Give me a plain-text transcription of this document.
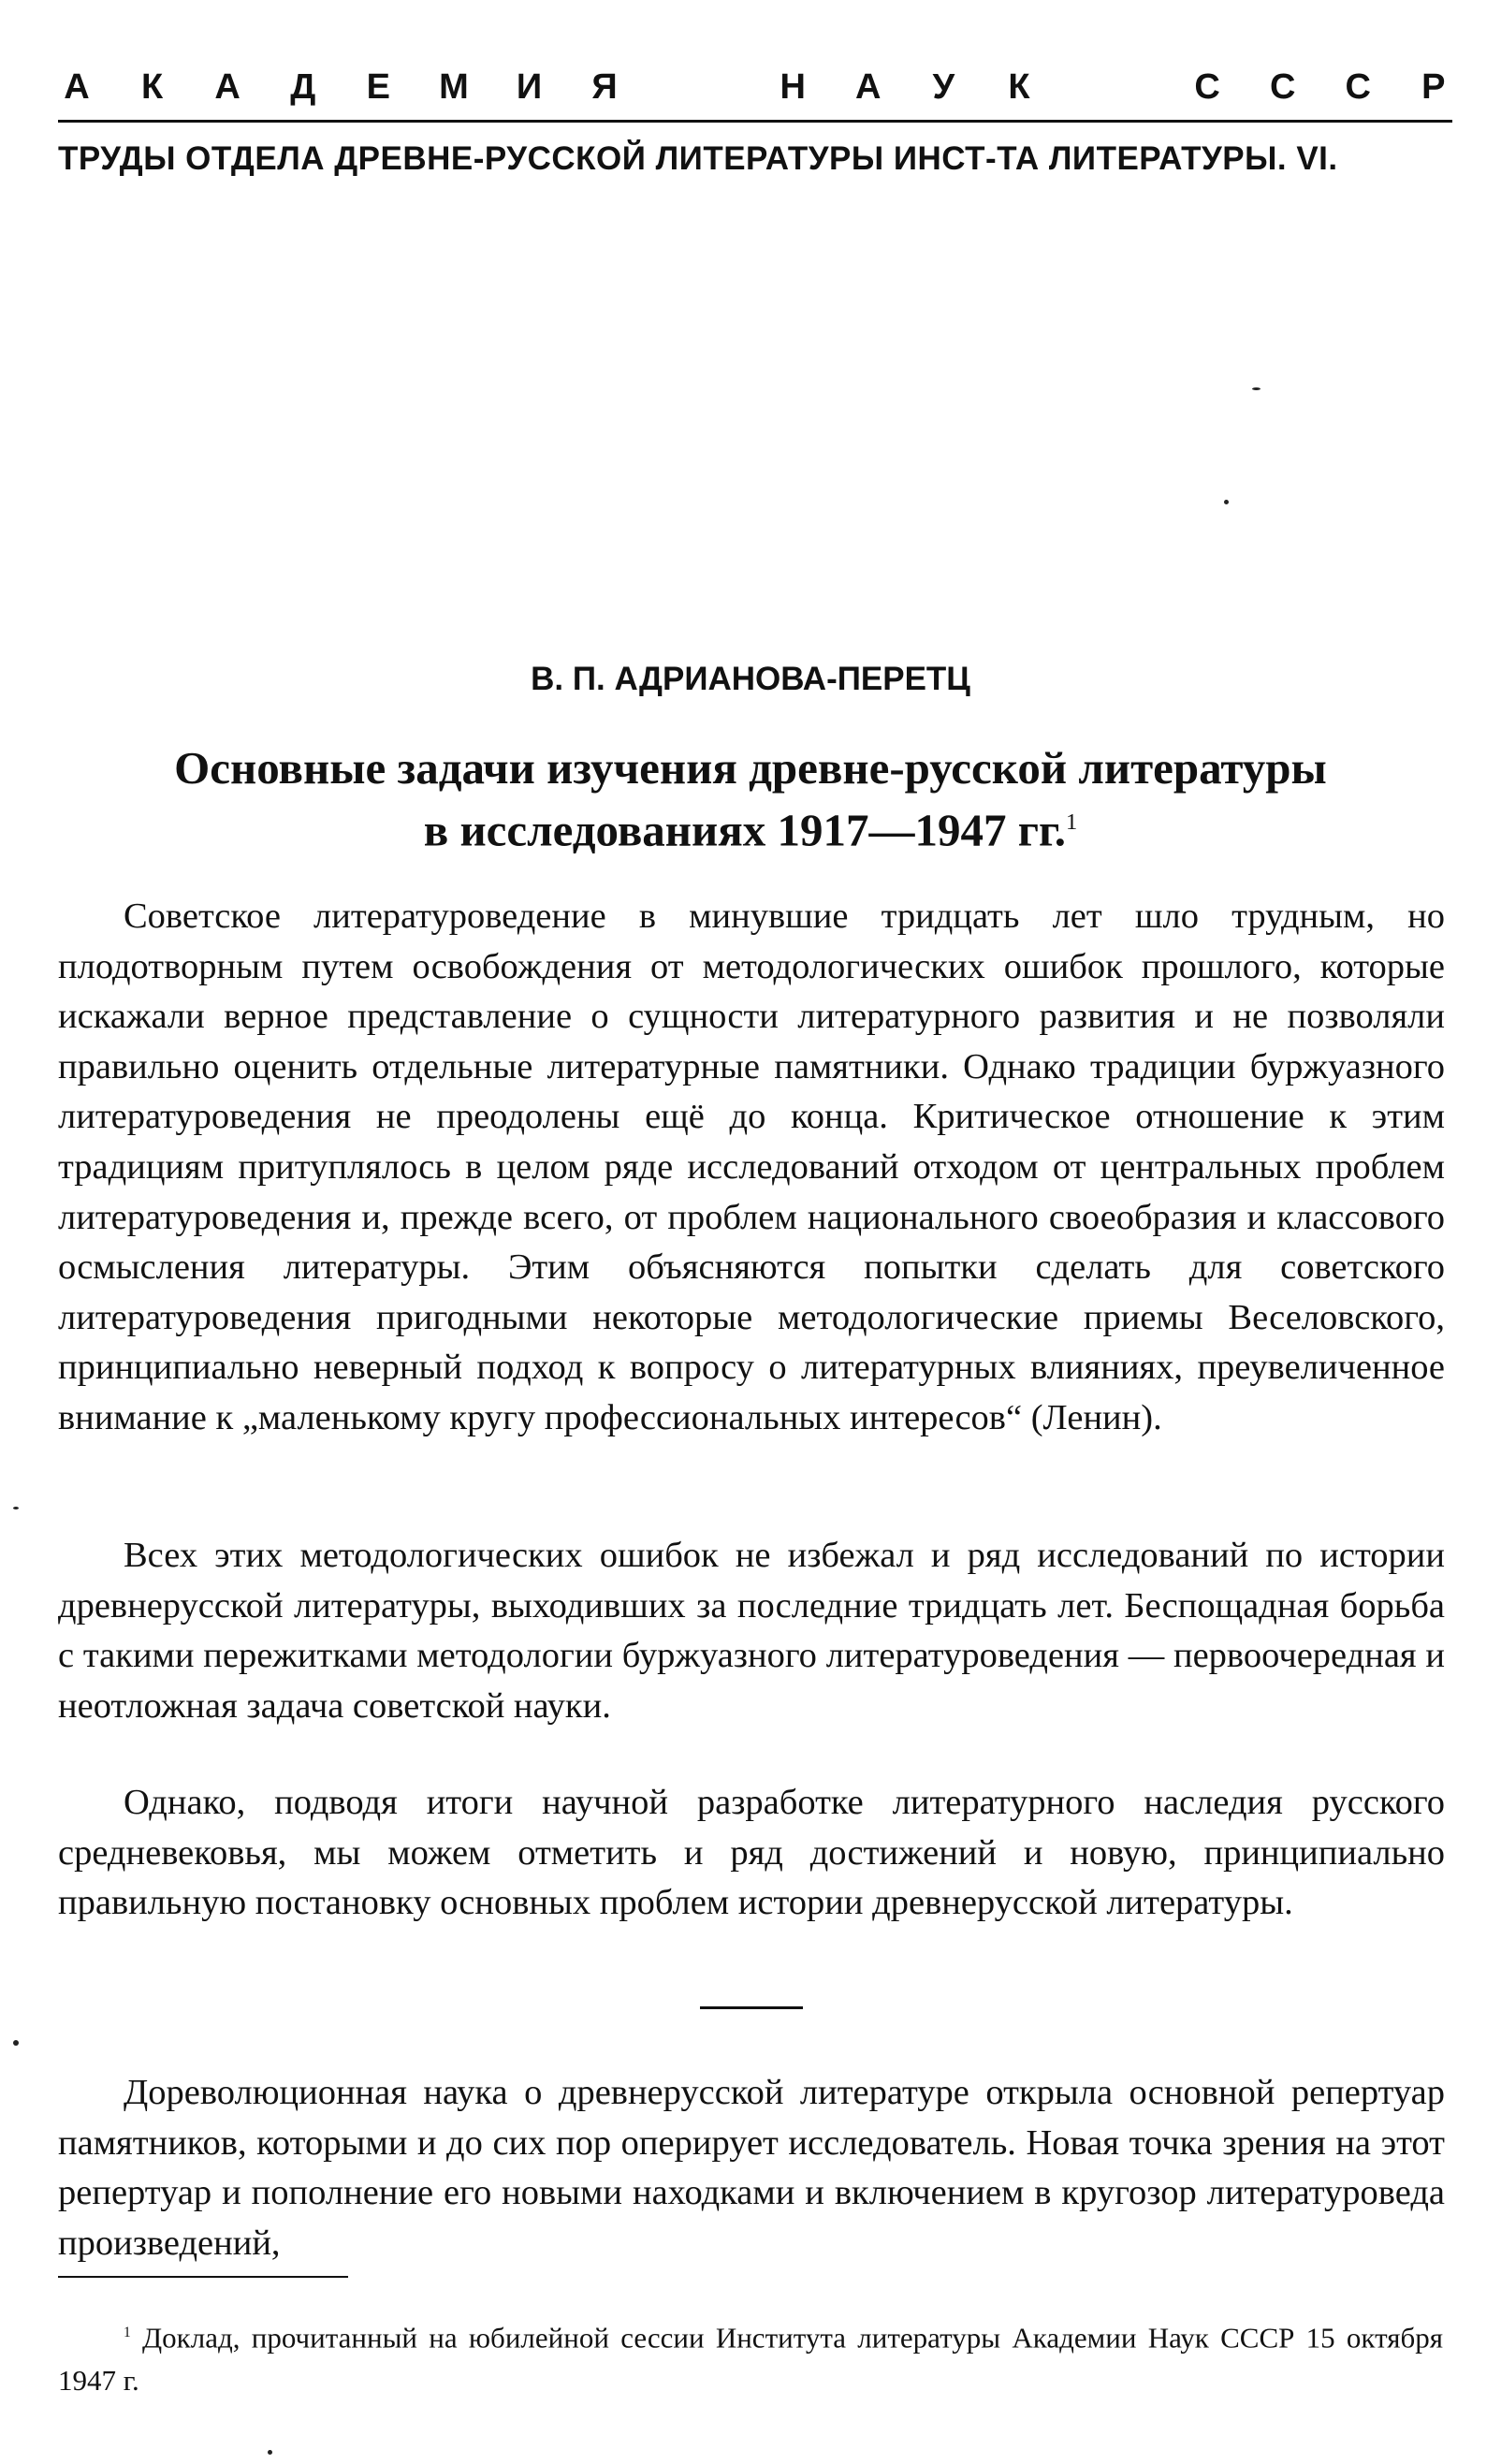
А К А Д Е М И Я	Н А У К	С С С Р
ТРУДЫ ОТДЕЛА ДРЕВНЕ-РУССКОЙ ЛИТЕРАТУРЫ ИНСТ-ТА ЛИТЕРАТУРЫ. VI.
В. П. АДРИАНОВА-ПЕРЕТЦ
Основные задачи изучения древне-русской литературы
в исследованиях 1917—1947 гг.$^1$

Советское литературоведение в минувшие тридцать лет шло трудным, но плодотворным путем освобождения от методологических ошибок прошлого, которые искажали верное представление о сущности литературного развития и не позволяли правильно оценить отдельные литературные памятники. Однако традиции буржуазного литературоведения не преодолены ещё до конца. Критическое отношение к этим традициям притуплялось в целом ряде исследований отходом от центральных проблем литературоведения и, прежде всего, от проблем национального своеобразия и классового осмысления литературы. Этим объясняются попытки сделать для советского литературоведения пригодными некоторые методологические приемы Веселовского, принципиально неверный подход к вопросу о литературных влияниях, преувеличенное внимание к „маленькому кругу профессиональных интересов“ (Ленин).

Всех этих методологических ошибок не избежал и ряд исследований по истории древнерусской литературы, выходивших за последние тридцать лет. Беспощадная борьба с такими пережитками методологии буржуазного литературоведения — первоочередная и неотложная задача советской науки.

Однако, подводя итоги научной разработке литературного наследия русского средневековья, мы можем отметить и ряд достижений и новую, принципиально правильную постановку основных проблем истории древнерусской литературы.

Дореволюционная наука о древнерусской литературе открыла основной репертуар памятников, которыми и до сих пор оперирует исследователь. Новая точка зрения на этот репертуар и пополнение его новыми находками и включением в кругозор литературоведа произведений,

$^1$ Доклад, прочитанный на юбилейной сессии Института литературы Академии Наук СССР 15 октября 1947 г.
